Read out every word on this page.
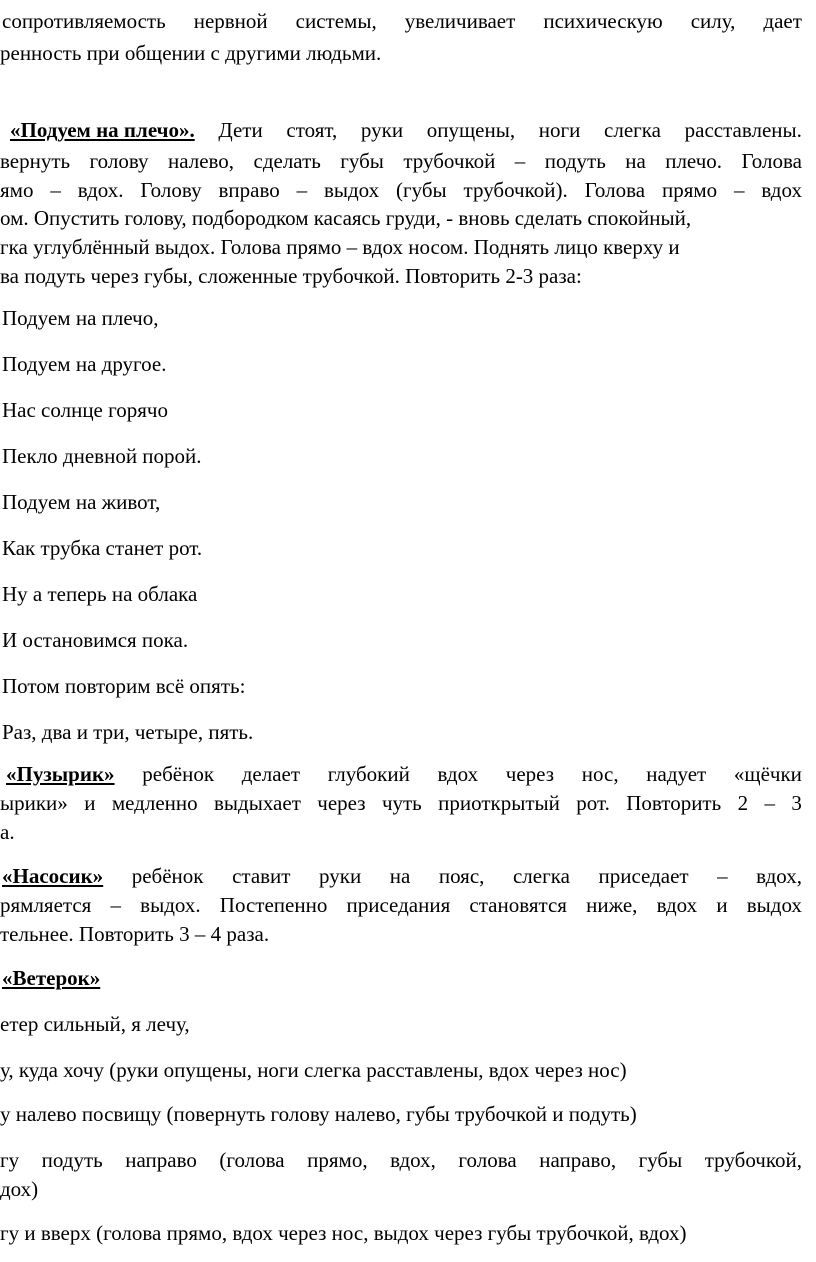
сопротивляемость нервной системы, увеличивает психическую силу, дает
ренность при общении с другими людьми.
«Подуем на плечо». Дети стоят, руки опущены, ноги слегка расставлены.
вернуть голову налево, сделать губы трубочкой – подуть на плечо. Голова
ямо – вдох. Голову вправо – выдох (губы трубочкой). Голова прямо – вдох
ом. Опустить голову, подбородком касаясь груди, - вновь сделать спокойный,
гка углублённый выдох. Голова прямо – вдох носом. Поднять лицо кверху и
ва подуть через губы, сложенные трубочкой. Повторить 2-3 раза:
Подуем на плечо,
Подуем на другое.
Нас солнце горячо
Пекло дневной порой.
Подуем на живот,
Как трубка станет рот.
Ну а теперь на облака
И остановимся пока.
Потом повторим всё опять:
Раз, два и три, четыре, пять.
«Пузырик» ребёнок делает глубокий вдох через нос, надует «щёчки
ырики» и медленно выдыхает через чуть приоткрытый рот. Повторить 2 – 3
а.
«Насосик» ребёнок ставит руки на пояс, слегка приседает – вдох,
рямляется – выдох. Постепенно приседания становятся ниже, вдох и выдох
тельнее. Повторить 3 – 4 раза.
«Ветерок»
етер сильный, я лечу,
у, куда хочу (руки опущены, ноги слегка расставлены, вдох через нос)
у налево посвищу (повернуть голову налево, губы трубочкой и подуть)
гу подуть направо (голова прямо, вдох, голова направо, губы трубочкой,
дох)
гу и вверх (голова прямо, вдох через нос, выдох через губы трубочкой, вдох)
